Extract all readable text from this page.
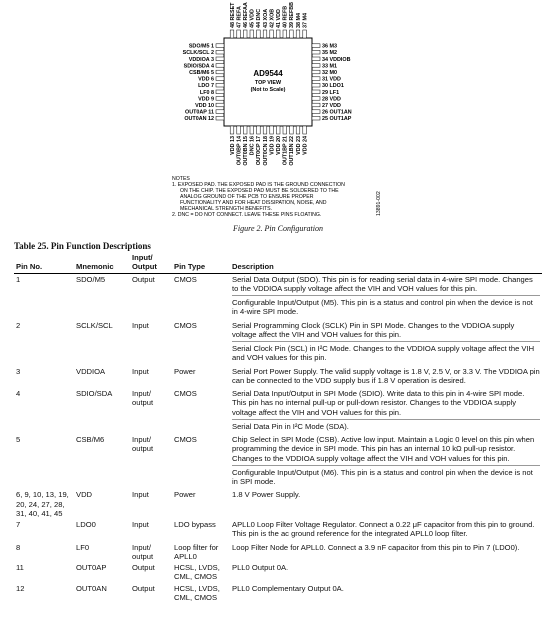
AD9544
TOP VIEW
(Not to Scale)
SDO/M5 1
SCLK/SCL 2
VDDIOA 3
SDIO/SDA 4
CSB/M6 5
VDD 6
LDO 7
LF0 8
VDD 9
VDD 10
OUT0AP 11
OUT0AN 12
36 M3
35 M2
34 VDDIOB
33 M1
32 M0
31 VDD
30 LDO1
29 LF1
28 VDD
27 VDD
26 OUT1AN
25 OUT1AP
48 RESET 47 REFA 46 REFAA 45 VDD 44 DNC 43 XOA 42 XOB 41 VDD 40 REFB 39 REFBB 38 M4 37 M4
VDD 13 OUT0BP 14 OUT0BN 15 DNC 16 OUT0CP 17 OUT0CN 18 VDD 19 VDD 20 OUT1BP 21 OUT1BN 22 VDD 23 VDD 24
NOTES
1. EXPOSED PAD. THE EXPOSED PAD IS THE GROUND CONNECTION
ON THE CHIP. THE EXPOSED PAD MUST BE SOLDERED TO THE
ANALOG GROUND OF THE PCB TO ENSURE PROPER
FUNCTIONALITY AND FOR HEAT DISSIPATION, NOISE, AND
MECHANICAL STRENGTH BENEFITS.
2. DNC = DO NOT CONNECT. LEAVE THESE PINS FLOATING.	13891-002
Figure 2. Pin Configuration
Table 25. Pin Function Descriptions
Pin No.	Mnemonic	Input/
Output	Pin Type	Description
1	SDO/M5	Output	CMOS	Serial Data Output (SDO). This pin is for reading serial data in 4-wire SPI mode. Changes to the VDDIOA supply voltage affect the VIH and VOH values for this pin.

Configurable Input/Output (M5). This pin is a status and control pin when the device is not in 4-wire SPI mode.

2	SCLK/SCL	Input	CMOS	Serial Programming Clock (SCLK) Pin in SPI Mode. Changes to the VDDIOA supply voltage affect the VIH and VOH values for this pin.

Serial Clock Pin (SCL) in I²C Mode. Changes to the VDDIOA supply voltage affect the VIH and VOH values for this pin.

3	VDDIOA	Input	Power	Serial Port Power Supply. The valid supply voltage is 1.8 V, 2.5 V, or 3.3 V. The VDDIOA pin can be connected to the VDD supply bus if 1.8 V operation is desired.

4	SDIO/SDA	Input/ output	CMOS	Serial Data Input/Output in SPI Mode (SDIO). Write data to this pin in 4-wire SPI mode. This pin has no internal pull-up or pull-down resistor. Changes to the VDDIOA supply voltage affect the VIH and VOH values for this pin.

Serial Data Pin in I²C Mode (SDA).

5	CSB/M6	Input/ output	CMOS	Chip Select in SPI Mode (CSB). Active low input. Maintain a Logic 0 level on this pin when programming the device in SPI mode. This pin has an internal 10 kΩ pull-up resistor. Changes to the VDDIOA supply voltage affect the VIH and VOH values for this pin.

Configurable Input/Output (M6). This pin is a status and control pin when the device is not in SPI mode.

6, 9, 10, 13, 19, 20, 24, 27, 28, 31, 40, 41, 45	VDD	Input	Power	1.8 V Power Supply.

7	LDO0	Input	LDO bypass	APLL0 Loop Filter Voltage Regulator. Connect a 0.22 μF capacitor from this pin to ground. This pin is the ac ground reference for the integrated APLL0 loop filter.

8	LF0	Input/ output	Loop filter for APLL0	Loop Filter Node for APLL0. Connect a 3.9 nF capacitor from this pin to Pin 7 (LDO0).

11	OUT0AP	Output	HCSL, LVDS, CML, CMOS	PLL0 Output 0A.

12	OUT0AN	Output	HCSL, LVDS, CML, CMOS	PLL0 Complementary Output 0A.
